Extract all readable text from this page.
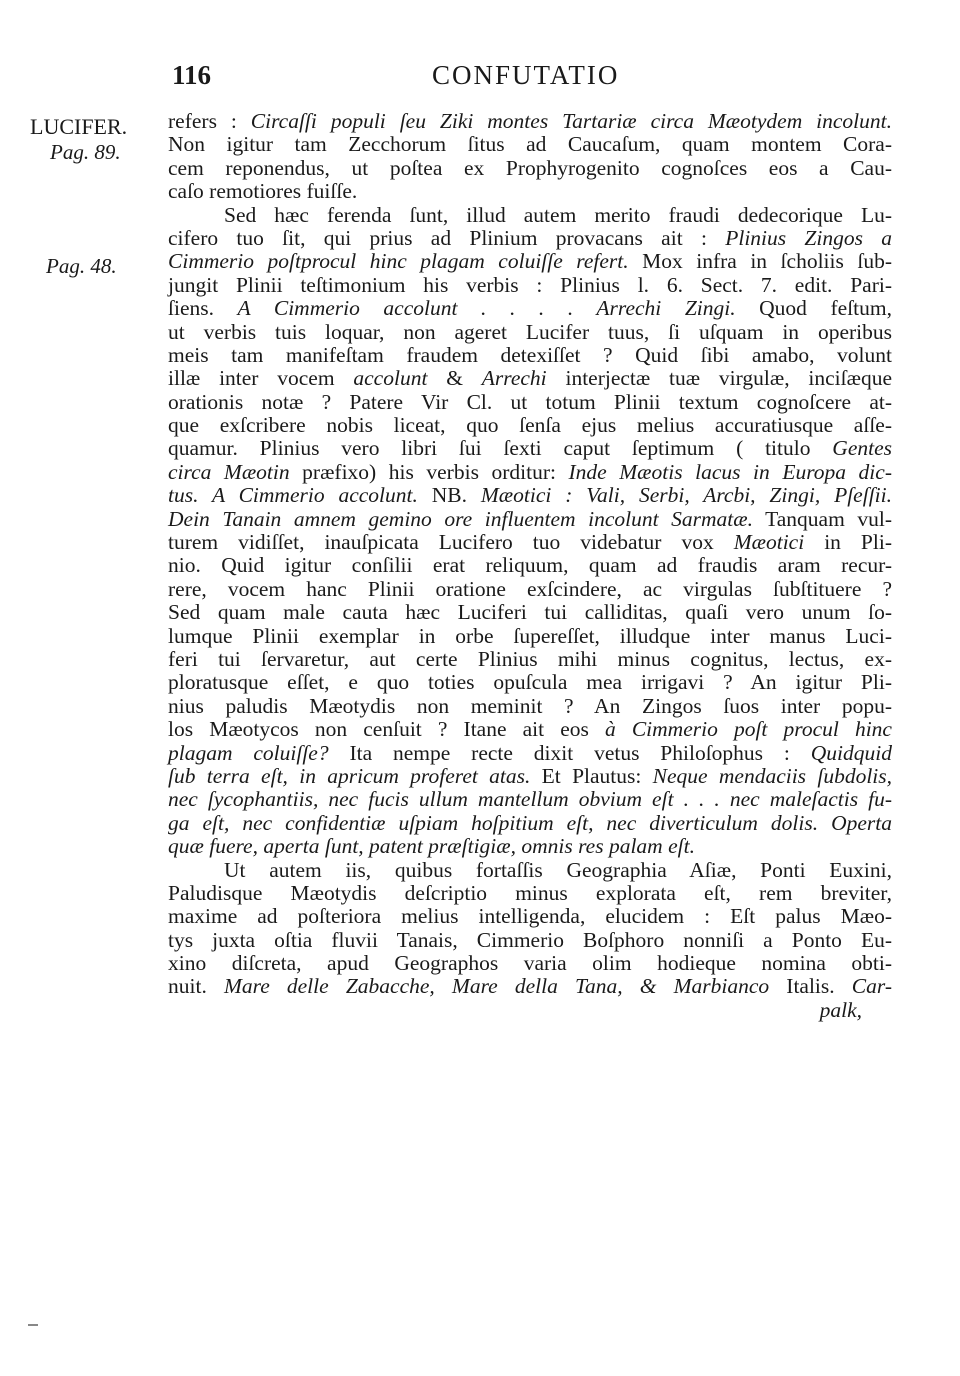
116	CONFUTATIO
LUCIFER.
Pag. 89.
Pag. 48.
refers : Circaſſi populi ſeu Ziki montes Tartariæ circa Mæotydem incolunt.
Non igitur tam Zecchorum ſitus ad Caucaſum, quam montem Cora-
cem reponendus, ut poſtea ex Prophyrogenito cognoſces eos a Cau-
caſo remotiores fuiſſe.
Sed hæc ferenda ſunt, illud autem merito fraudi dedecorique Lu-
cifero tuo ſit, qui prius ad Plinium provacans ait : Plinius Zingos a
Cimmerio poſtprocul hinc plagam coluiſſe refert. Mox infra in ſcholiis ſub-
jungit Plinii teſtimonium his verbis : Plinius l. 6. Sect. 7. edit. Pari-
ſiens. A Cimmerio accolunt . . . . Arrechi Zingi. Quod feſtum,
ut verbis tuis loquar, non ageret Lucifer tuus, ſi uſquam in operibus
meis tam manifeſtam fraudem detexiſſet ? Quid ſibi amabo, volunt
illæ inter vocem accolunt & Arrechi interjectæ tuæ virgulæ, inciſæque
orationis notæ ? Patere Vir Cl. ut totum Plinii textum cognoſcere at-
que exſcribere nobis liceat, quo ſenſa ejus melius accuratiusque aſſe-
quamur. Plinius vero libri ſui ſexti caput ſeptimum ( titulo Gentes
circa Mæotin præfixo) his verbis orditur: Inde Mæotis lacus in Europa dic-
tus. A Cimmerio accolunt. NB. Mæotici : Vali, Serbi, Arcbi, Zingi, Pſeſſii.
Dein Tanain amnem gemino ore influentem incolunt Sarmatæ. Tanquam vul-
turem vidiſſet, inauſpicata Lucifero tuo videbatur vox Mæotici in Pli-
nio. Quid igitur conſilii erat reliquum, quam ad fraudis aram recur-
rere, vocem hanc Plinii oratione exſcindere, ac virgulas ſubſtituere ?
Sed quam male cauta hæc Luciferi tui calliditas, quaſi vero unum ſo-
lumque Plinii exemplar in orbe ſupereſſet, illudque inter manus Luci-
feri tui ſervaretur, aut certe Plinius mihi minus cognitus, lectus, ex-
ploratusque eſſet, e quo toties opuſcula mea irrigavi ? An igitur Pli-
nius paludis Mæotydis non meminit ? An Zingos ſuos inter popu-
los Mæotycos non cenſuit ? Itane ait eos à Cimmerio poſt procul hinc
plagam coluiſſe? Ita nempe recte dixit vetus Philoſophus : Quidquid
ſub terra eſt, in apricum proferet atas. Et Plautus: Neque mendaciis ſubdolis,
nec ſycophantiis, nec fucis ullum mantellum obvium eſt . . . nec maleſactis fu-
ga eſt, nec confidentiæ uſpiam hoſpitium eſt, nec diverticulum dolis. Operta
quæ fuere, aperta ſunt, patent præſtigiæ, omnis res palam eſt.
Ut autem iis, quibus fortaſſis Geographia Aſiæ, Ponti Euxini,
Paludisque Mæotydis deſcriptio minus explorata eſt, rem breviter,
maxime ad poſteriora melius intelligenda, elucidem : Eſt palus Mæo-
tys juxta oſtia fluvii Tanais, Cimmerio Boſphoro nonniſi a Ponto Eu-
xino diſcreta, apud Geographos varia olim hodieque nomina obti-
nuit. Mare delle Zabacche, Mare della Tana, & Marbianco Italis. Car-
palk,
